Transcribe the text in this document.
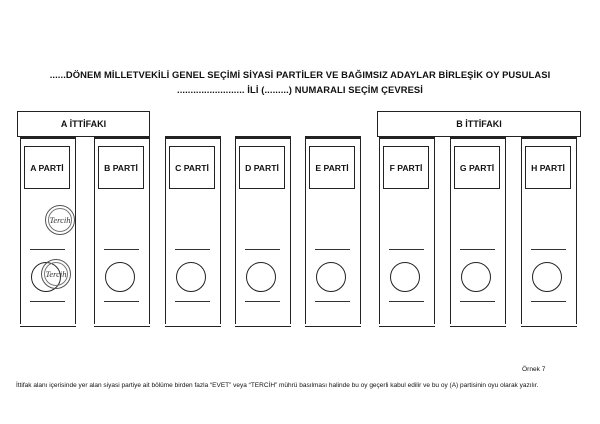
......DÖNEM MİLLETVEKİLİ GENEL SEÇİMİ SİYASİ PARTİLER VE BAĞIMSIZ ADAYLAR BİRLEŞİK OY PUSULASI
......................... İLİ (.........) NUMARALI SEÇİM ÇEVRESİ
A İTTİFAKI	B İTTİFAKI
A PARTİ
Tercih
Tercih
B PARTİ	C PARTİ	D PARTİ	E PARTİ	F PARTİ	G PARTİ	H PARTİ
Örnek 7
İttifak alanı içerisinde yer alan siyasi partiye ait bölüme birden fazla “EVET” veya “TERCİH” mührü basılması halinde bu oy geçerli kabul edilir ve bu oy (A) partisinin oyu olarak yazılır.
